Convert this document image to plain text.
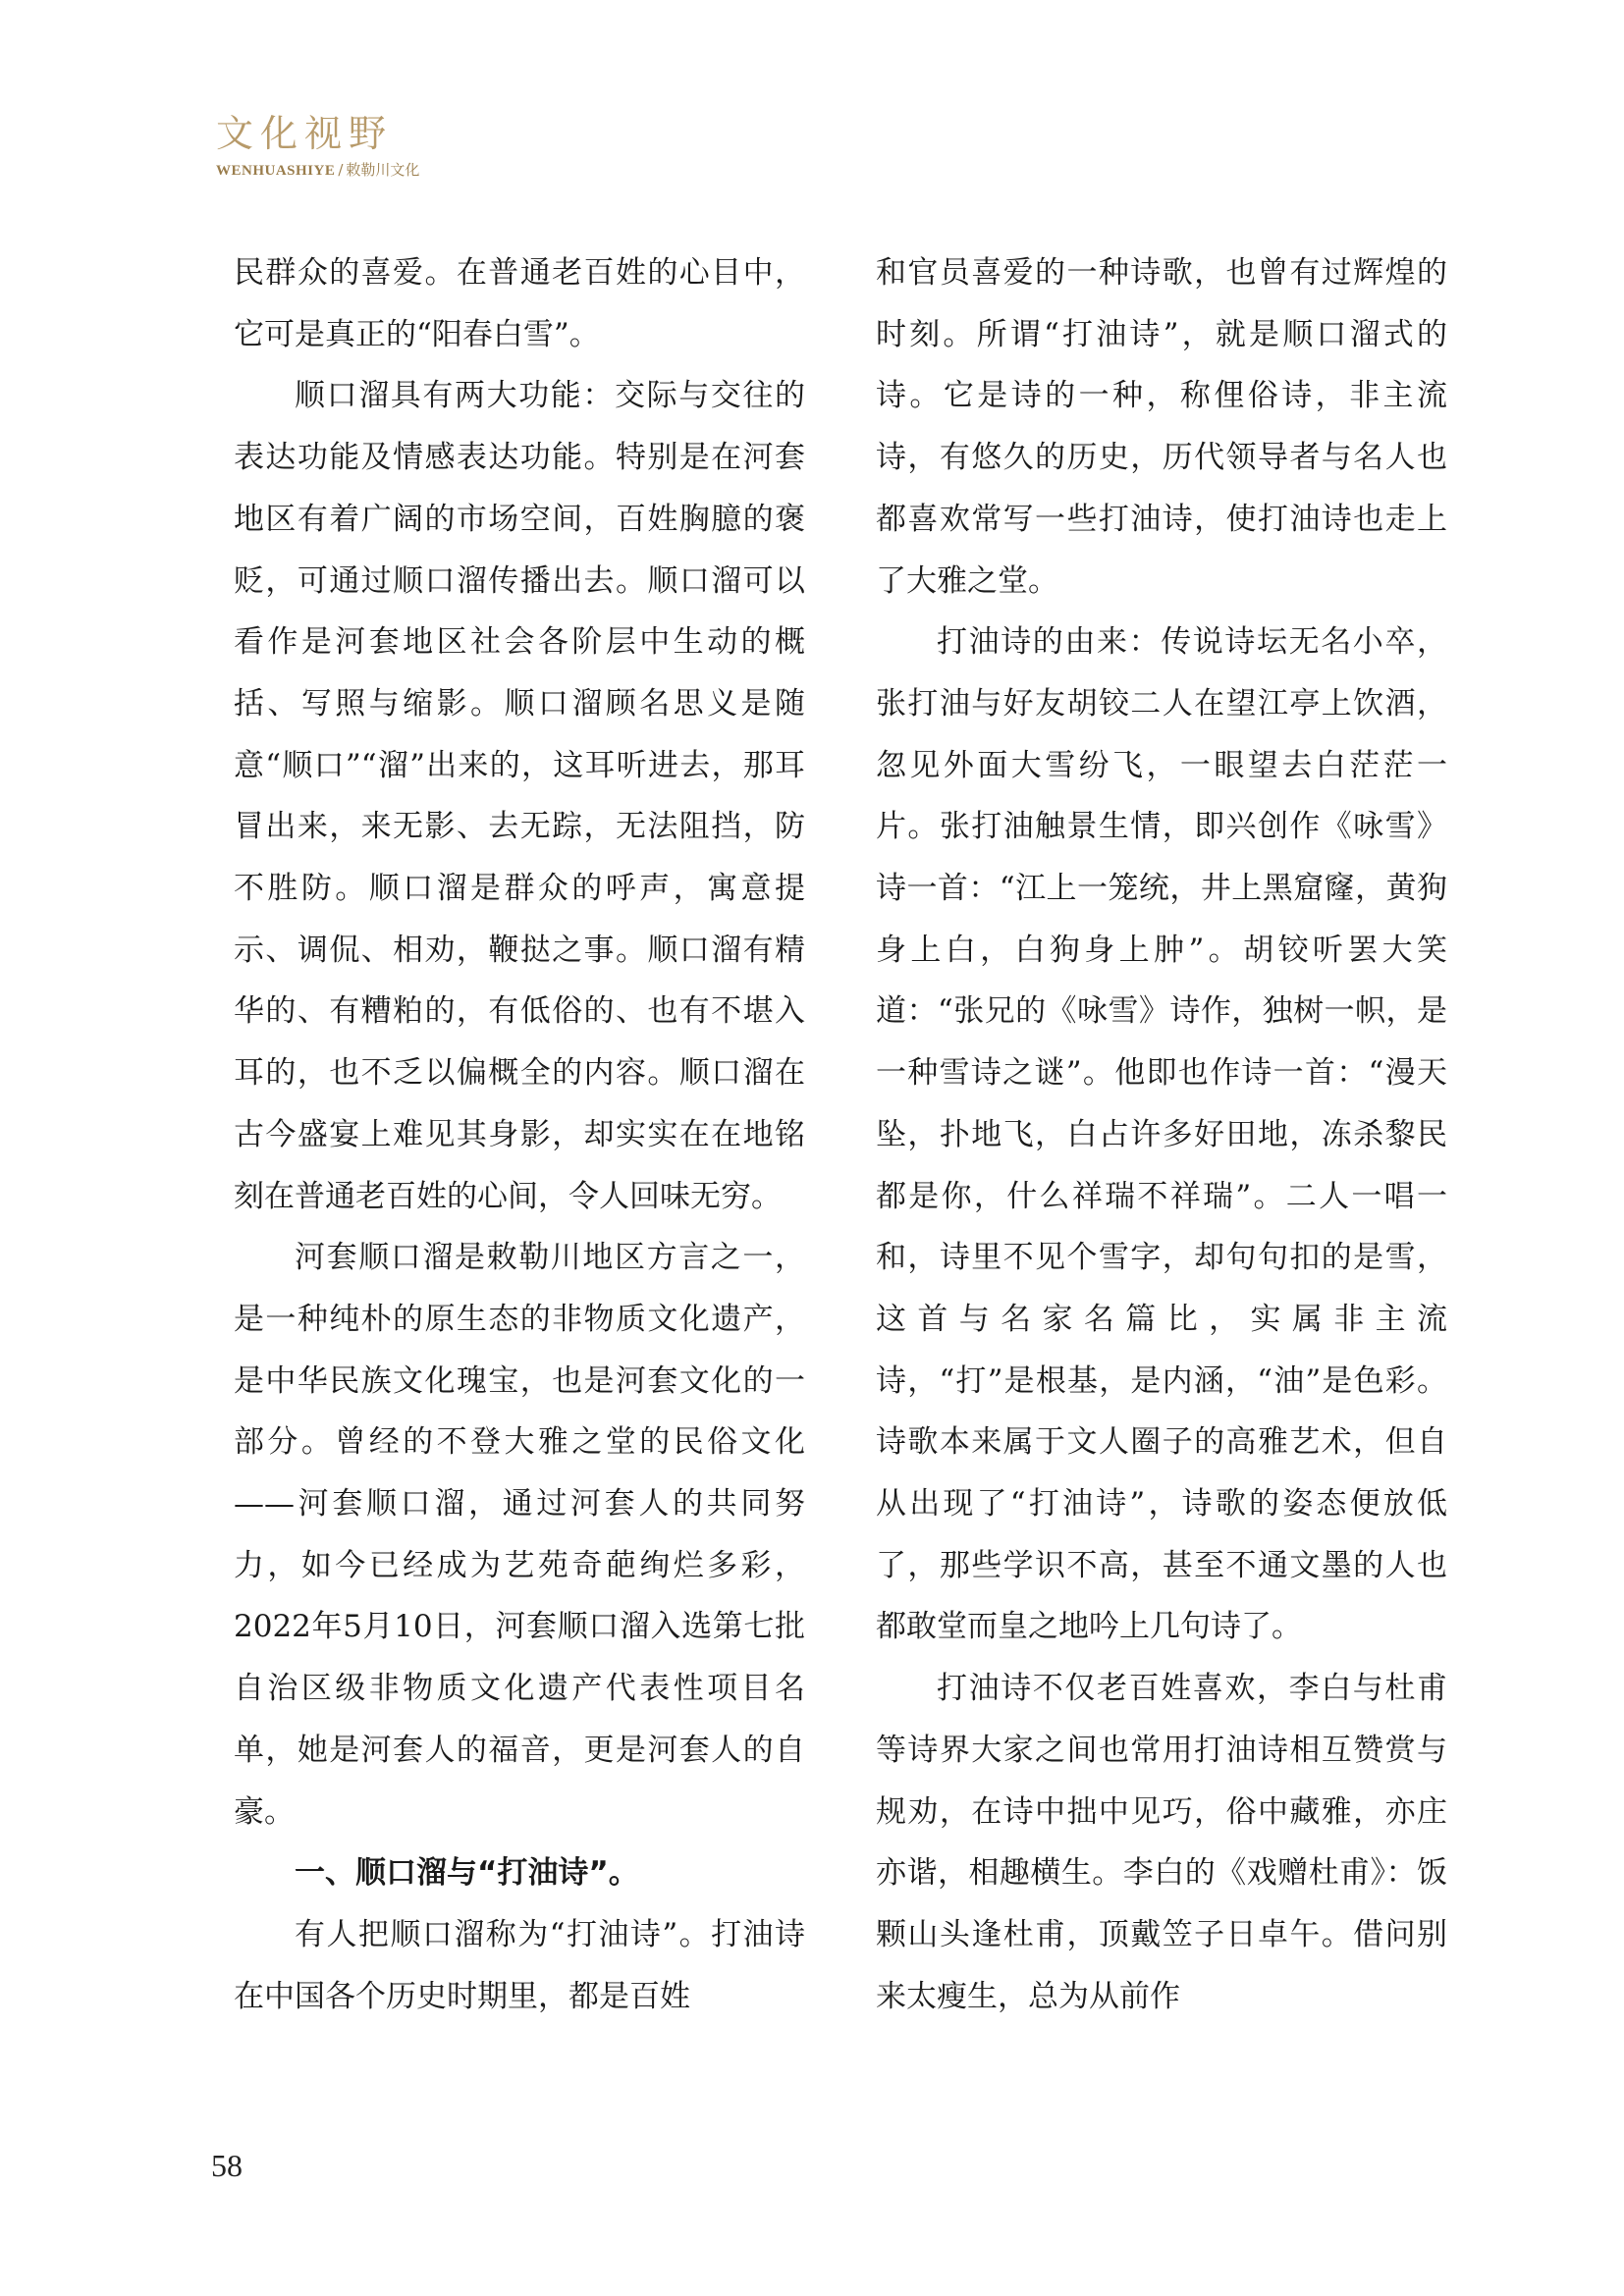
文化视野
WENHUASHIYE / 敕勒川文化

民群众的喜爱。在普通老百姓的心目中，它可是真正的“阳春白雪”。

顺口溜具有两大功能：交际与交往的表达功能及情感表达功能。特别是在河套地区有着广阔的市场空间，百姓胸臆的褒贬，可通过顺口溜传播出去。顺口溜可以看作是河套地区社会各阶层中生动的概括、写照与缩影。顺口溜顾名思义是随意“顺口”“溜”出来的，这耳听进去，那耳冒出来，来无影、去无踪，无法阻挡，防不胜防。顺口溜是群众的呼声，寓意提示、调侃、相劝，鞭挞之事。顺口溜有精华的、有糟粕的，有低俗的、也有不堪入耳的，也不乏以偏概全的内容。顺口溜在古今盛宴上难见其身影，却实实在在地铭刻在普通老百姓的心间，令人回味无穷。

河套顺口溜是敕勒川地区方言之一，是一种纯朴的原生态的非物质文化遗产，是中华民族文化瑰宝，也是河套文化的一部分。曾经的不登大雅之堂的民俗文化——河套顺口溜，通过河套人的共同努力，如今已经成为艺苑奇葩绚烂多彩，2022年5月10日，河套顺口溜入选第七批自治区级非物质文化遗产代表性项目名单，她是河套人的福音，更是河套人的自豪。

一、顺口溜与“打油诗”。

有人把顺口溜称为“打油诗”。打油诗在中国各个历史时期里，都是百姓

和官员喜爱的一种诗歌，也曾有过辉煌的时刻。所谓“打油诗”，就是顺口溜式的诗。它是诗的一种，称俚俗诗，非主流诗，有悠久的历史，历代领导者与名人也都喜欢常写一些打油诗，使打油诗也走上了大雅之堂。

打油诗的由来：传说诗坛无名小卒，张打油与好友胡铰二人在望江亭上饮酒，忽见外面大雪纷飞，一眼望去白茫茫一片。张打油触景生情，即兴创作《咏雪》诗一首：“江上一笼统，井上黑窟窿，黄狗身上白，白狗身上肿”。胡铰听罢大笑道：“张兄的《咏雪》诗作，独树一帜，是一种雪诗之谜”。他即也作诗一首：“漫天坠，扑地飞，白占许多好田地，冻杀黎民都是你，什么祥瑞不祥瑞”。二人一唱一和，诗里不见个雪字，却句句扣的是雪，这首与名家名篇比，实属非主流诗，“打”是根基，是内涵，“油”是色彩。诗歌本来属于文人圈子的高雅艺术，但自从出现了“打油诗”，诗歌的姿态便放低了，那些学识不高，甚至不通文墨的人也都敢堂而皇之地吟上几句诗了。

打油诗不仅老百姓喜欢，李白与杜甫等诗界大家之间也常用打油诗相互赞赏与规劝，在诗中拙中见巧，俗中藏雅，亦庄亦谐，相趣横生。李白的《戏赠杜甫》：饭颗山头逢杜甫，顶戴笠子日卓午。借问别来太瘦生，总为从前作

58
